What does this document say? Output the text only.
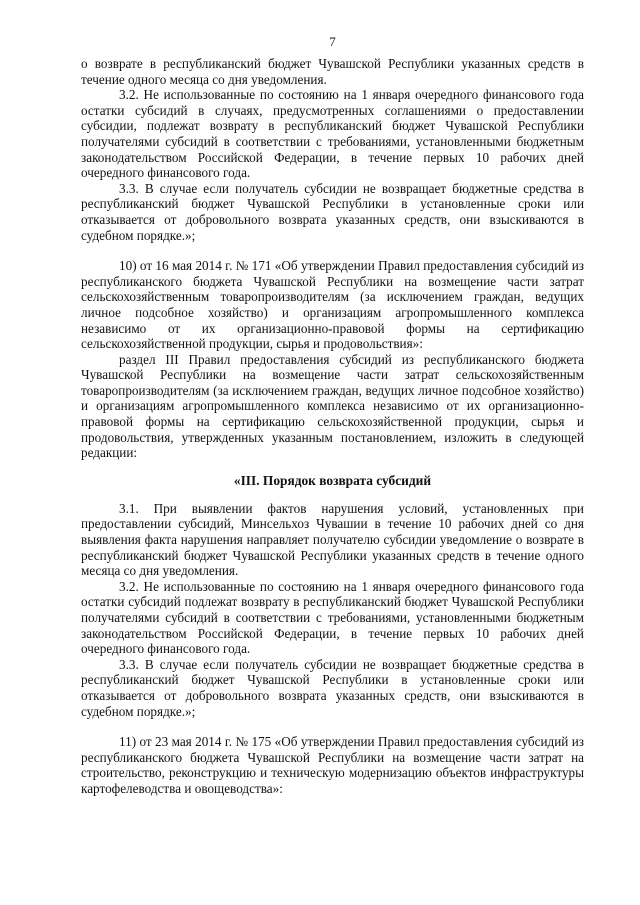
7

о возврате в республиканский бюджет Чувашской Республики указанных средств в течение одного месяца со дня уведомления.

3.2. Не использованные по состоянию на 1 января очередного финансового года остатки субсидий в случаях, предусмотренных соглашениями о предоставлении субсидии, подлежат возврату в республиканский бюджет Чувашской Республики получателями субсидий в соответствии с требованиями, установленными бюджетным законодательством Российской Федерации, в течение первых 10 рабочих дней очередного финансового года.

3.3. В случае если получатель субсидии не возвращает бюджетные средства в республиканский бюджет Чувашской Республики в установленные сроки или отказывается от добровольного возврата указанных средств, они взыскиваются в судебном порядке.»;

10) от 16 мая 2014 г. № 171 «Об утверждении Правил предоставления субсидий из республиканского бюджета Чувашской Республики на возмещение части затрат сельскохозяйственным товаропроизводителям (за исключением граждан, ведущих личное подсобное хозяйство) и организациям агропромышленного комплекса независимо от их организационно-правовой формы на сертификацию сельскохозяйственной продукции, сырья и продовольствия»:

раздел III Правил предоставления субсидий из республиканского бюджета Чувашской Республики на возмещение части затрат сельскохозяйственным товаропроизводителям (за исключением граждан, ведущих личное подсобное хозяйство) и организациям агропромышленного комплекса независимо от их организационно-правовой формы на сертификацию сельскохозяйственной продукции, сырья и продовольствия, утвержденных указанным постановлением, изложить в следующей редакции:

«III. Порядок возврата субсидий

3.1. При выявлении фактов нарушения условий, установленных при предоставлении субсидий, Минсельхоз Чувашии в течение 10 рабочих дней со дня выявления факта нарушения направляет получателю субсидии уведомление о возврате в республиканский бюджет Чувашской Республики указанных средств в течение одного месяца со дня уведомления.

3.2. Не использованные по состоянию на 1 января очередного финансового года остатки субсидий подлежат возврату в республиканский бюджет Чувашской Республики получателями субсидий в соответствии с требованиями, установленными бюджетным законодательством Российской Федерации, в течение первых 10 рабочих дней очередного финансового года.

3.3. В случае если получатель субсидии не возвращает бюджетные средства в республиканский бюджет Чувашской Республики в установленные сроки или отказывается от добровольного возврата указанных средств, они взыскиваются в судебном порядке.»;

11) от 23 мая 2014 г. № 175 «Об утверждении Правил предоставления субсидий из республиканского бюджета Чувашской Республики на возмещение части затрат на строительство, реконструкцию и техническую модернизацию объектов инфраструктуры картофелеводства и овощеводства»:
